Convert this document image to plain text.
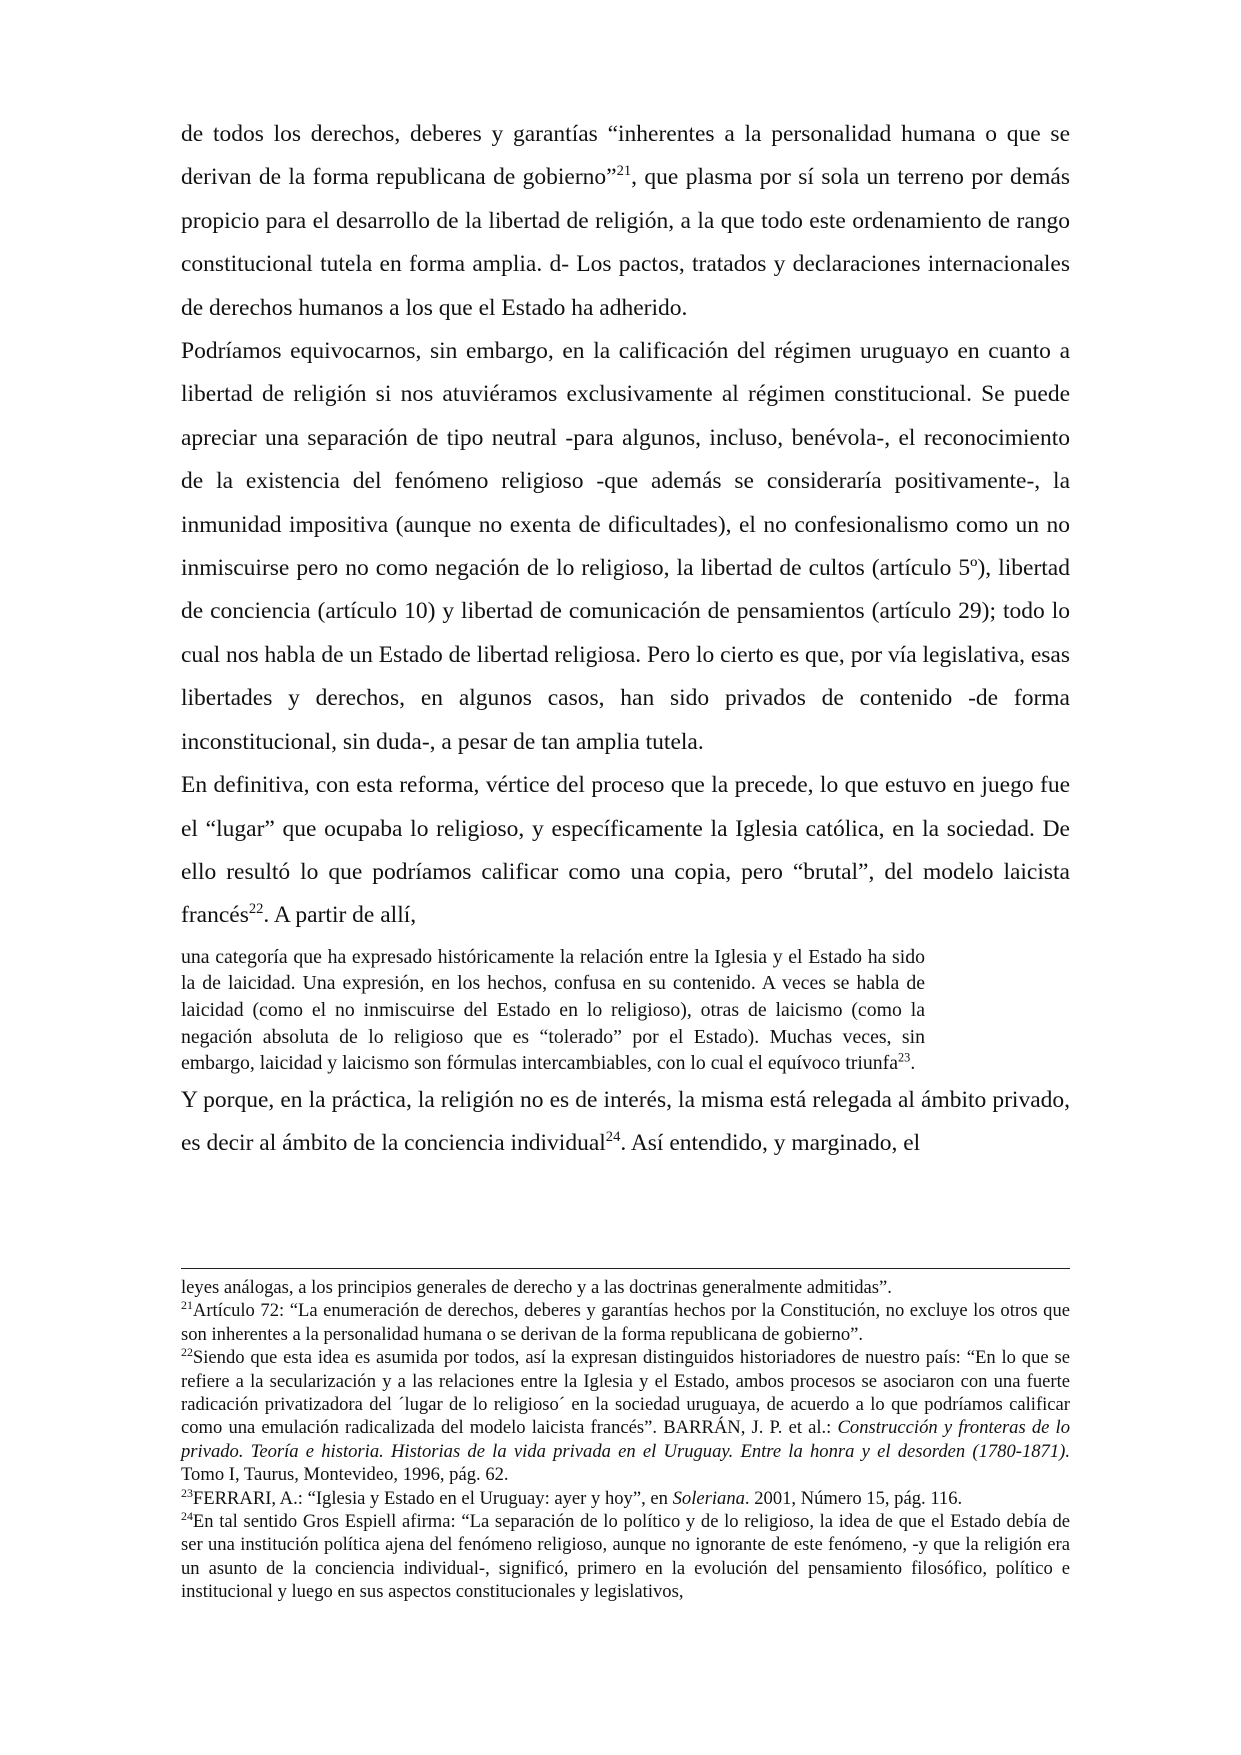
de todos los derechos, deberes y garantías “inherentes a la personalidad humana o que se derivan de la forma republicana de gobierno”$^{21}$, que plasma por sí sola un terreno por demás propicio para el desarrollo de la libertad de religión, a la que todo este ordenamiento de rango constitucional tutela en forma amplia. d- Los pactos, tratados y declaraciones internacionales de derechos humanos a los que el Estado ha adherido.

Podríamos equivocarnos, sin embargo, en la calificación del régimen uruguayo en cuanto a libertad de religión si nos atuviéramos exclusivamente al régimen constitucional. Se puede apreciar una separación de tipo neutral -para algunos, incluso, benévola-, el reconocimiento de la existencia del fenómeno religioso -que además se consideraría positivamente-, la inmunidad impositiva (aunque no exenta de dificultades), el no confesionalismo como un no inmiscuirse pero no como negación de lo religioso, la libertad de cultos (artículo 5º), libertad de conciencia (artículo 10) y libertad de comunicación de pensamientos (artículo 29); todo lo cual nos habla de un Estado de libertad religiosa. Pero lo cierto es que, por vía legislativa, esas libertades y derechos, en algunos casos, han sido privados de contenido -de forma inconstitucional, sin duda-, a pesar de tan amplia tutela.

En definitiva, con esta reforma, vértice del proceso que la precede, lo que estuvo en juego fue el “lugar” que ocupaba lo religioso, y específicamente la Iglesia católica, en la sociedad. De ello resultó lo que podríamos calificar como una copia, pero “brutal”, del modelo laicista francés$^{22}$. A partir de allí,

una categoría que ha expresado históricamente la relación entre la Iglesia y el Estado ha sido la de laicidad. Una expresión, en los hechos, confusa en su contenido. A veces se habla de laicidad (como el no inmiscuirse del Estado en lo religioso), otras de laicismo (como la negación absoluta de lo religioso que es “tolerado” por el Estado). Muchas veces, sin embargo, laicidad y laicismo son fórmulas intercambiables, con lo cual el equívoco triunfa$^{23}$.

Y porque, en la práctica, la religión no es de interés, la misma está relegada al ámbito privado, es decir al ámbito de la conciencia individual$^{24}$. Así entendido, y marginado, el

leyes análogas, a los principios generales de derecho y a las doctrinas generalmente admitidas”.

$^{21}$Artículo 72: “La enumeración de derechos, deberes y garantías hechos por la Constitución, no excluye los otros que son inherentes a la personalidad humana o se derivan de la forma republicana de gobierno”.

$^{22}$Siendo que esta idea es asumida por todos, así la expresan distinguidos historiadores de nuestro país: “En lo que se refiere a la secularización y a las relaciones entre la Iglesia y el Estado, ambos procesos se asociaron con una fuerte radicación privatizadora del ´lugar de lo religioso´ en la sociedad uruguaya, de acuerdo a lo que podríamos calificar como una emulación radicalizada del modelo laicista francés”. BARRÁN, J. P. et al.: Construcción y fronteras de lo privado. Teoría e historia. Historias de la vida privada en el Uruguay. Entre la honra y el desorden (1780-1871). Tomo I, Taurus, Montevideo, 1996, pág. 62.

$^{23}$FERRARI, A.: “Iglesia y Estado en el Uruguay: ayer y hoy”, en Soleriana. 2001, Número 15, pág. 116.

$^{24}$En tal sentido Gros Espiell afirma: “La separación de lo político y de lo religioso, la idea de que el Estado debía de ser una institución política ajena del fenómeno religioso, aunque no ignorante de este fenómeno, -y que la religión era un asunto de la conciencia individual-, significó, primero en la evolución del pensamiento filosófico, político e institucional y luego en sus aspectos constitucionales y legislativos,
